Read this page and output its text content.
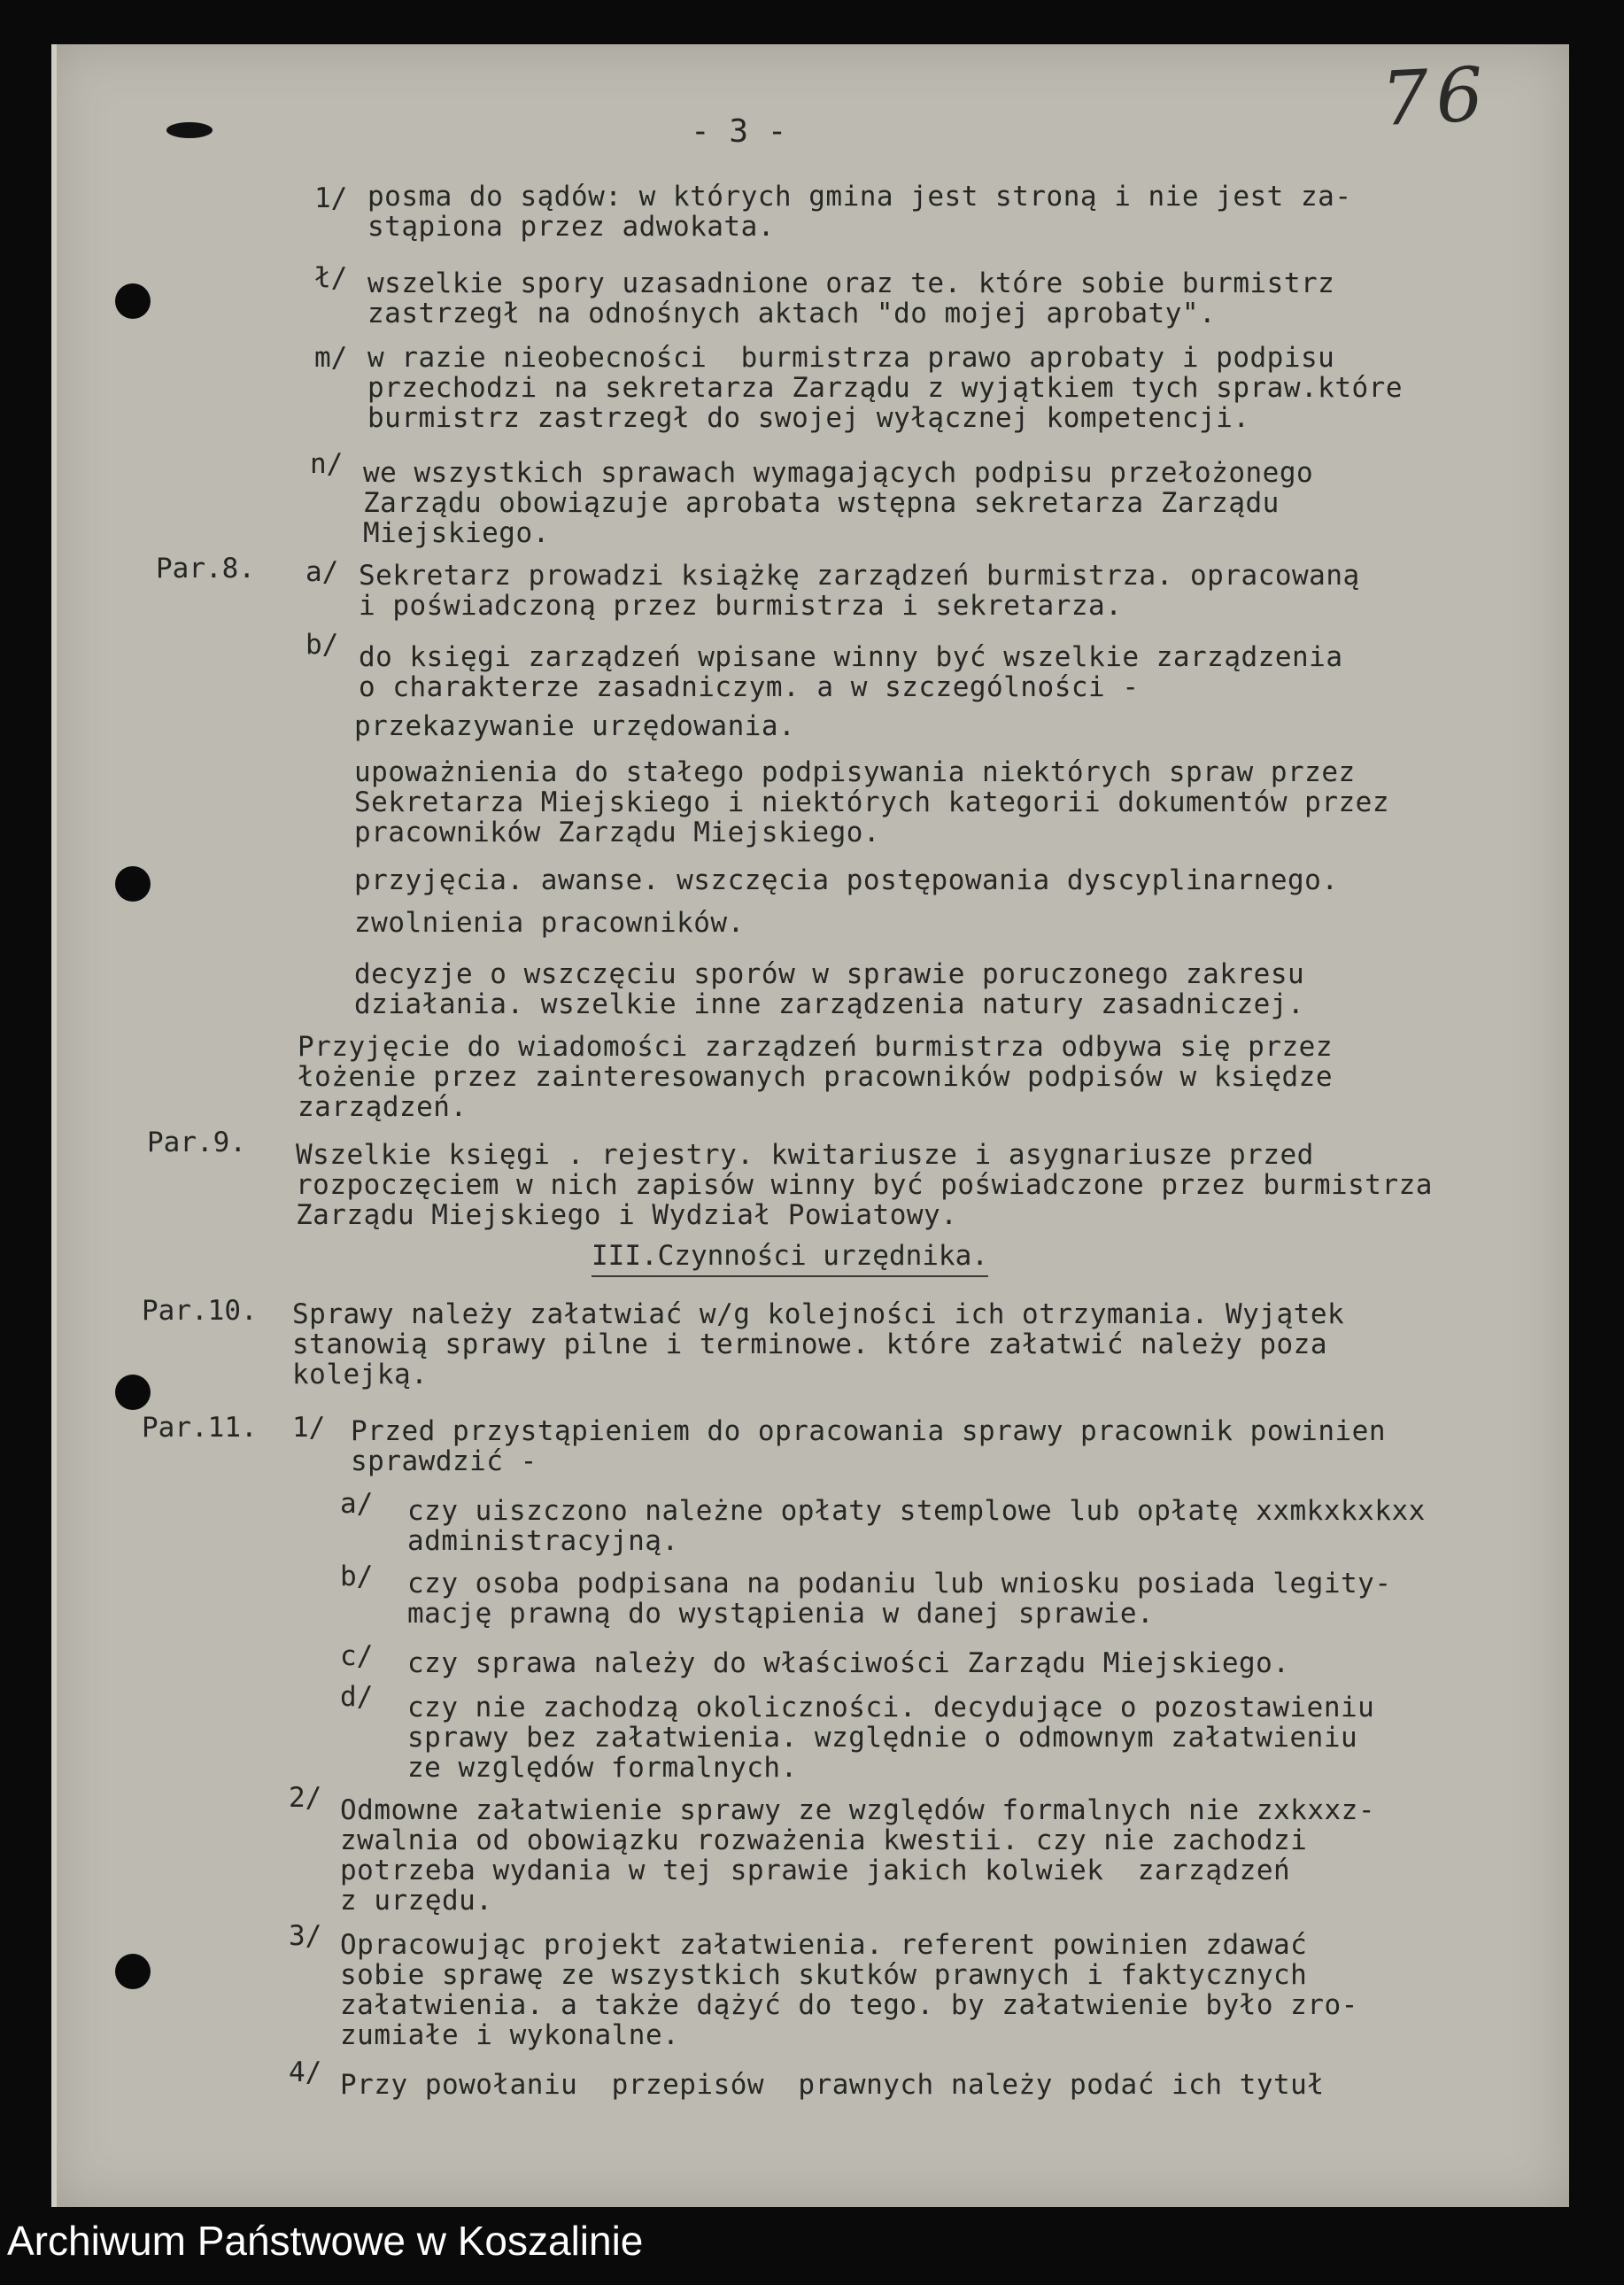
76
- 3 -
1/ posma do sądów: w których gmina jest stroną i nie jest za-
stąpiona przez adwokata.
ł/ wszelkie spory uzasadnione oraz te. które sobie burmistrz
zastrzegł na odnośnych aktach "do mojej aprobaty".
m/ w razie nieobecności  burmistrza prawo aprobaty i podpisu
przechodzi na sekretarza Zarządu z wyjątkiem tych spraw.które
burmistrz zastrzegł do swojej wyłącznej kompetencji.
n/ we wszystkich sprawach wymagających podpisu przełożonego
Zarządu obowiązuje aprobata wstępna sekretarza Zarządu
Miejskiego.
Par.8. a/ Sekretarz prowadzi książkę zarządzeń burmistrza. opracowaną
i poświadczoną przez burmistrza i sekretarza.
b/ do księgi zarządzeń wpisane winny być wszelkie zarządzenia
o charakterze zasadniczym. a w szczególności -
przekazywanie urzędowania.
upoważnienia do stałego podpisywania niektórych spraw przez
Sekretarza Miejskiego i niektórych kategorii dokumentów przez
pracowników Zarządu Miejskiego.
przyjęcia. awanse. wszczęcia postępowania dyscyplinarnego.
zwolnienia pracowników.
decyzje o wszczęciu sporów w sprawie poruczonego zakresu
działania. wszelkie inne zarządzenia natury zasadniczej.
Przyjęcie do wiadomości zarządzeń burmistrza odbywa się przez
łożenie przez zainteresowanych pracowników podpisów w księdze
zarządzeń.
Par.9. Wszelkie księgi . rejestry. kwitariusze i asygnariusze przed
rozpoczęciem w nich zapisów winny być poświadczone przez burmistrza
Zarządu Miejskiego i Wydział Powiatowy.
III.Czynności urzędnika.
Par.10. Sprawy należy załatwiać w/g kolejności ich otrzymania. Wyjątek
stanowią sprawy pilne i terminowe. które załatwić należy poza
kolejką.
Par.11. 1/ Przed przystąpieniem do opracowania sprawy pracownik powinien
sprawdzić -
a/ czy uiszczono należne opłaty stemplowe lub opłatę xxmkxkxkxx
administracyjną.
b/ czy osoba podpisana na podaniu lub wniosku posiada legity-
mację prawną do wystąpienia w danej sprawie.
c/ czy sprawa należy do właściwości Zarządu Miejskiego.
d/ czy nie zachodzą okoliczności. decydujące o pozostawieniu
sprawy bez załatwienia. względnie o odmownym załatwieniu
ze względów formalnych.
2/ Odmowne załatwienie sprawy ze względów formalnych nie zxkxxz-
zwalnia od obowiązku rozważenia kwestii. czy nie zachodzi
potrzeba wydania w tej sprawie jakich kolwiek  zarządzeń
z urzędu.
3/ Opracowując projekt załatwienia. referent powinien zdawać
sobie sprawę ze wszystkich skutków prawnych i faktycznych
załatwienia. a także dążyć do tego. by załatwienie było zro-
zumiałe i wykonalne.
4/ Przy powołaniu  przepisów  prawnych należy podać ich tytuł
Archiwum Państwowe w Koszalinie
